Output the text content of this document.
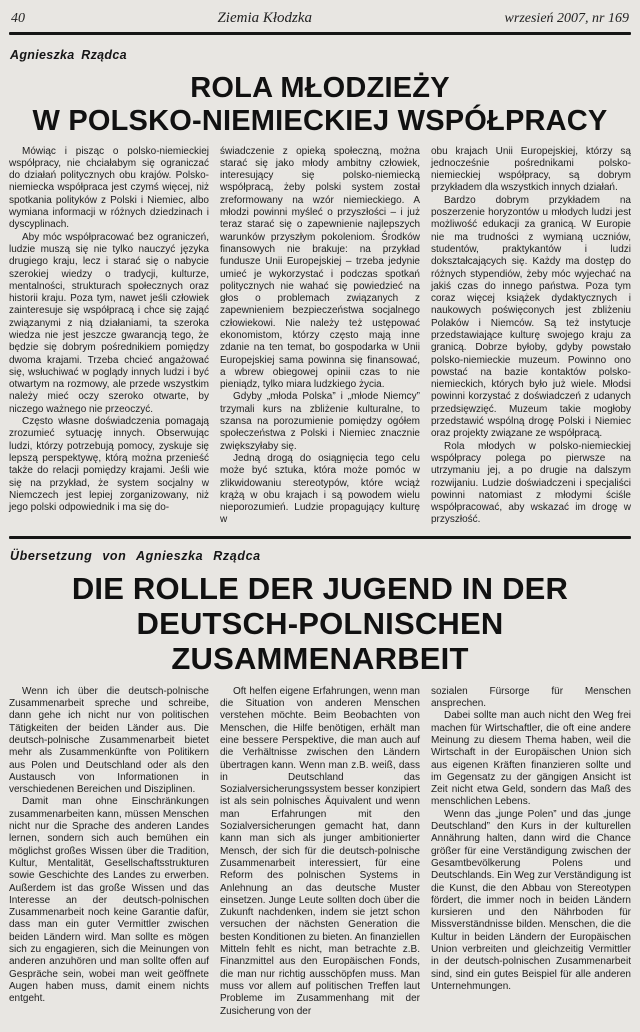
40	Ziemia Kłodzka	wrzesień 2007, nr 169
Agnieszka Rządca
ROLA MŁODZIEŻY
W POLSKO-NIEMIECKIEJ WSPÓŁPRACY

Mówiąc i pisząc o polsko-niemieckiej współpracy, nie chciałabym się ograniczać do działań politycznych obu krajów. Polsko-niemiecka współpraca jest czymś więcej, niż spotkania polityków z Polski i Niemiec, albo wymiana informacji w różnych dziedzinach i dyscyplinach.

Aby móc współpracować bez ograniczeń, ludzie muszą się nie tylko nauczyć języka drugiego kraju, lecz i starać się o nabycie szerokiej wiedzy o tradycji, kulturze, mentalności, strukturach społecznych oraz historii kraju. Poza tym, nawet jeśli człowiek zainteresuje się współpracą i chce się zająć związanymi z nią działaniami, ta szeroka wiedza nie jest jeszcze gwarancją tego, że będzie się dobrym pośrednikiem pomiędzy dwoma krajami. Trzeba chcieć angażować się, wsłuchiwać w poglądy innych ludzi i być otwartym na rozmowy, ale przede wszystkim należy mieć oczy szeroko otwarte, by niczego ważnego nie przeoczyć.

Często własne doświadczenia pomagają zrozumieć sytuację innych. Obserwując ludzi, którzy potrzebują pomocy, zyskuje się lepszą perspektywę, którą można przenieść także do relacji pomiędzy krajami. Jeśli wie się na przykład, że system socjalny w Niemczech jest lepiej zorganizowany, niż jego polski odpowiednik i ma się do-

świadczenie z opieką społeczną, można starać się jako młody ambitny człowiek, interesujący się polsko-niemiecką współpracą, żeby polski system został zreformowany na wzór niemieckiego. A młodzi powinni myśleć o przyszłości – i już teraz starać się o zapewnienie najlepszych warunków przyszłym pokoleniom. Środków finansowych nie brakuje: na przykład fundusze Unii Europejskiej – trzeba jedynie umieć je wykorzystać i podczas spotkań politycznych nie wahać się powiedzieć na głos o problemach związanych z zapewnieniem bezpieczeństwa socjalnego człowiekowi. Nie należy też ustępować ekonomistom, którzy często mają inne zdanie na ten temat, bo gospodarka w Unii Europejskiej sama powinna się finansować, a wbrew obiegowej opinii czas to nie pieniądz, tylko miara ludzkiego życia.

Gdyby „młoda Polska” i „młode Niemcy” trzymali kurs na zbliżenie kulturalne, to szansa na porozumienie pomiędzy ogółem społeczeństwa z Polski i Niemiec znacznie zwiększyłaby się.

Jedną drogą do osiągnięcia tego celu może być sztuka, która może pomóc w zlikwidowaniu stereotypów, które wciąż krążą w obu krajach i są powodem wielu nieporozumień. Ludzie propagujący kulturę w

obu krajach Unii Europejskiej, którzy są jednocześnie pośrednikami polsko-niemieckiej współpracy, są dobrym przykładem dla wszystkich innych działań.

Bardzo dobrym przykładem na poszerzenie horyzontów u młodych ludzi jest możliwość edukacji za granicą. W Europie nie ma trudności z wymianą uczniów, studentów, praktykantów i ludzi dokształcających się. Każdy ma dostęp do różnych stypendiów, żeby móc wyjechać na jakiś czas do innego państwa. Poza tym coraz więcej książek dydaktycznych i naukowych poświęconych jest zbliżeniu Polaków i Niemców. Są też instytucje przedstawiające kulturę swojego kraju za granicą. Dobrze byłoby, gdyby powstało polsko-niemieckie muzeum. Powinno ono powstać na bazie kontaktów polsko-niemieckich, których było już wiele. Młodsi powinni korzystać z doświadczeń z udanych przedsięwzięć. Muzeum takie mogłoby przedstawić wspólną drogę Polski i Niemiec oraz projekty związane ze współpracą.

Rola młodych w polsko-niemieckiej współpracy polega po pierwsze na utrzymaniu jej, a po drugie na dalszym rozwijaniu. Ludzie doświadczeni i specjaliści powinni natomiast z młodymi ściśle współpracować, aby wskazać im drogę w przyszłość.

Übersetzung von Agnieszka Rządca
DIE ROLLE DER JUGEND IN DER
DEUTSCH-POLNISCHEN ZUSAMMENARBEIT

Wenn ich über die deutsch-polnische Zusammenarbeit spreche und schreibe, dann gehe ich nicht nur von politischen Tätigkeiten der beiden Länder aus. Die deutsch-polnische Zusammenarbeit bietet mehr als Zusammenkünfte von Politikern aus Polen und Deutschland oder als den Austausch von Informationen in verschiedenen Bereichen und Disziplinen.

Damit man ohne Einschränkungen zusammenarbeiten kann, müssen Menschen nicht nur die Sprache des anderen Landes lernen, sondern sich auch bemühen ein möglichst großes Wissen über die Tradition, Kultur, Mentalität, Gesellschaftsstrukturen sowie Geschichte des Landes zu erwerben. Außerdem ist das große Wissen und das Interesse an der deutsch-polnischen Zusammenarbeit noch keine Garantie dafür, dass man ein guter Vermittler zwischen beiden Ländern wird. Man sollte es mögen sich zu engagieren, sich die Meinungen von anderen anzuhören und man sollte offen auf Gespräche sein, wobei man weit geöffnete Augen haben muss, damit einem nichts entgeht.

Oft helfen eigene Erfahrungen, wenn man die Situation von anderen Menschen verstehen möchte. Beim Beobachten von Menschen, die Hilfe benötigen, erhält man eine bessere Perspektive, die man auch auf die Verhältnisse zwischen den Ländern übertragen kann. Wenn man z.B. weiß, dass in Deutschland das Sozialversicherungssystem besser konzipiert ist als sein polnisches Äquivalent und wenn man Erfahrungen mit den Sozialversicherungen gemacht hat, dann kann man sich als junger ambitionierter Mensch, der sich für die deutsch-polnische Zusammenarbeit interessiert, für eine Reform des polnischen Systems in Anlehnung an das deutsche Muster einsetzen. Junge Leute sollten doch über die Zukunft nachdenken, indem sie jetzt schon versuchen der nächsten Generation die besten Konditionen zu bieten. An finanziellen Mitteln fehlt es nicht, man betrachte z.B. Finanzmittel aus den Europäischen Fonds, die man nur richtig ausschöpfen muss. Man muss vor allem auf politischen Treffen laut Probleme im Zusammenhang mit der Zusicherung von der

sozialen Fürsorge für Menschen ansprechen.

Dabei sollte man auch nicht den Weg frei machen für Wirtschaftler, die oft eine andere Meinung zu diesem Thema haben, weil die Wirtschaft in der Europäischen Union sich aus eigenen Kräften finanzieren sollte und im Gegensatz zu der gängigen Ansicht ist Zeit nicht etwa Geld, sondern das Maß des menschlichen Lebens.

Wenn das „junge Polen” und das „junge Deutschland” den Kurs in der kulturellen Annährung halten, dann wird die Chance größer für eine Verständigung zwischen der Gesamtbevölkerung Polens und Deutschlands. Ein Weg zur Verständigung ist die Kunst, die den Abbau von Stereotypen fördert, die immer noch in beiden Ländern kursieren und den Nährboden für Missverständnisse bilden. Menschen, die die Kultur in beiden Ländern der Europäischen Union verbreiten und gleichzeitig Vermittler in der deutsch-polnischen Zusammenarbeit sind, sind ein gutes Beispiel für alle anderen Unternehmungen.
